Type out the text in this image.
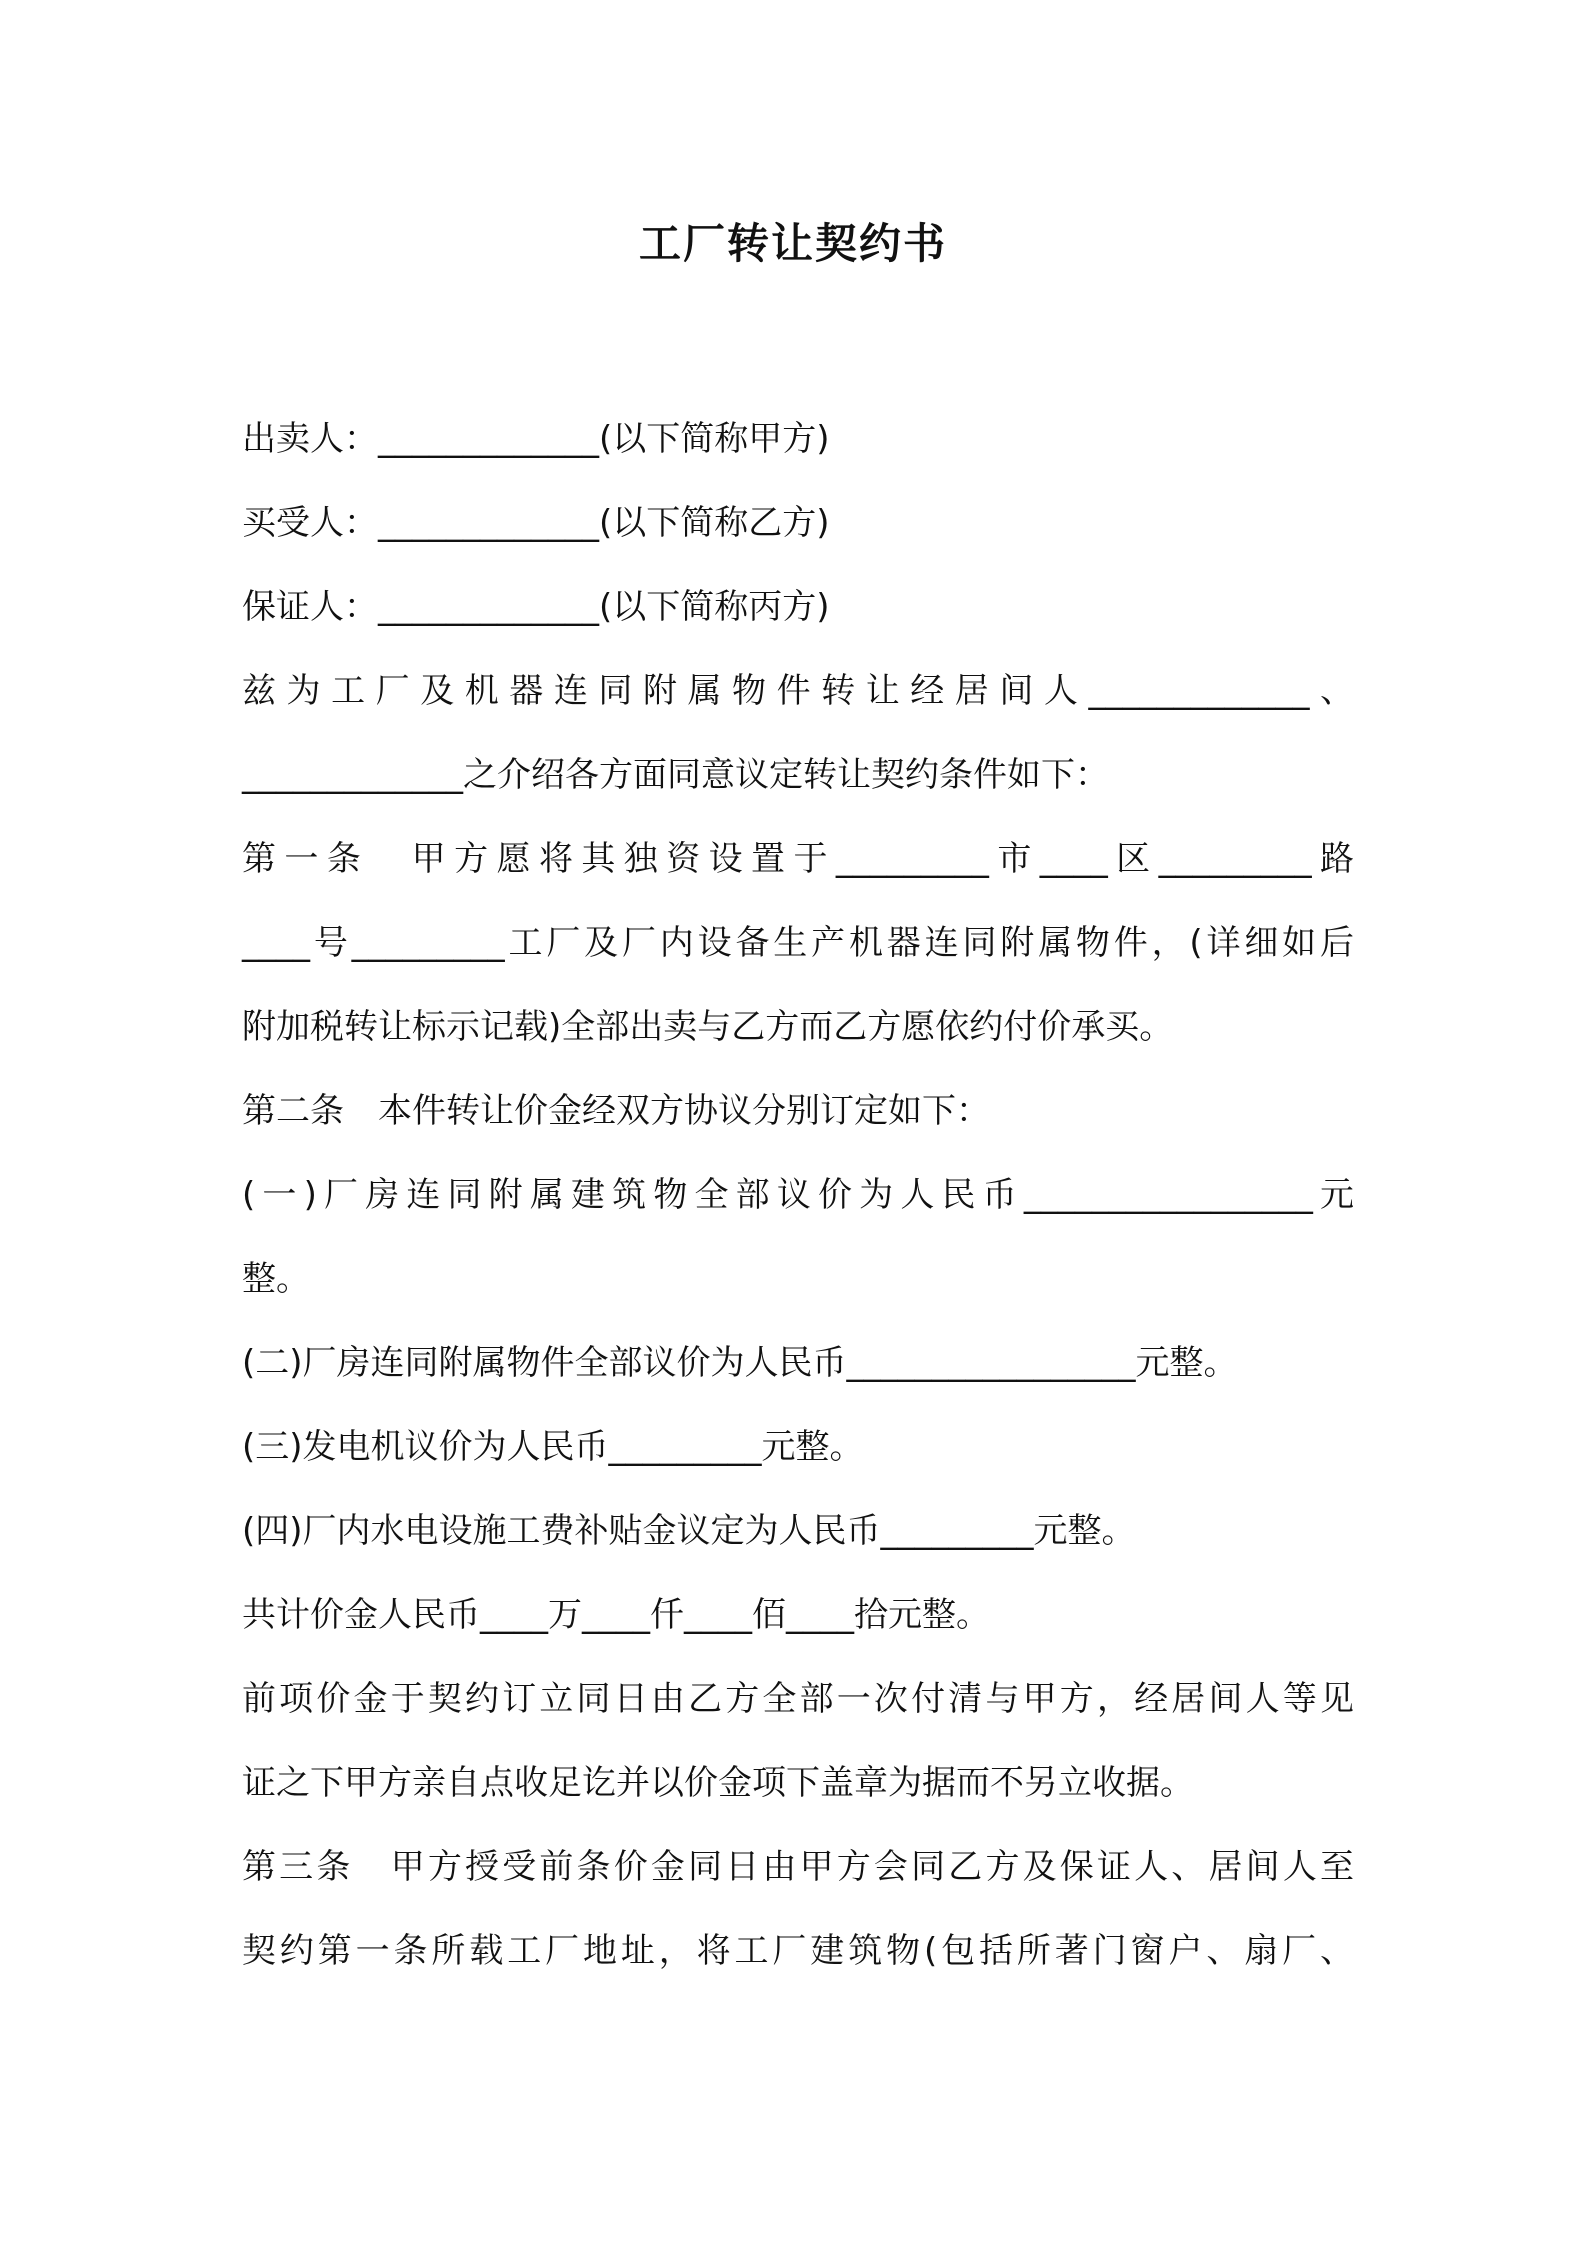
工厂转让契约书
出卖人：_____________(以下简称甲方)
买受人：_____________(以下简称乙方)
保证人：_____________(以下简称丙方)
兹为工厂及机器连同附属物件转让经居间人_____________、
_____________之介绍各方面同意议定转让契约条件如下：
第一条　甲方愿将其独资设置于_________市____区_________路
____号_________工厂及厂内设备生产机器连同附属物件，(详细如后
附加税转让标示记载)全部出卖与乙方而乙方愿依约付价承买。
第二条　本件转让价金经双方协议分别订定如下：
(一)厂房连同附属建筑物全部议价为人民币_________________元
整。
(二)厂房连同附属物件全部议价为人民币_________________元整。
(三)发电机议价为人民币_________元整。
(四)厂内水电设施工费补贴金议定为人民币_________元整。
共计价金人民币____万____仟____佰____拾元整。
前项价金于契约订立同日由乙方全部一次付清与甲方，经居间人等见
证之下甲方亲自点收足讫并以价金项下盖章为据而不另立收据。
第三条　甲方授受前条价金同日由甲方会同乙方及保证人、居间人至
契约第一条所载工厂地址，将工厂建筑物(包括所著门窗户、扇厂、
